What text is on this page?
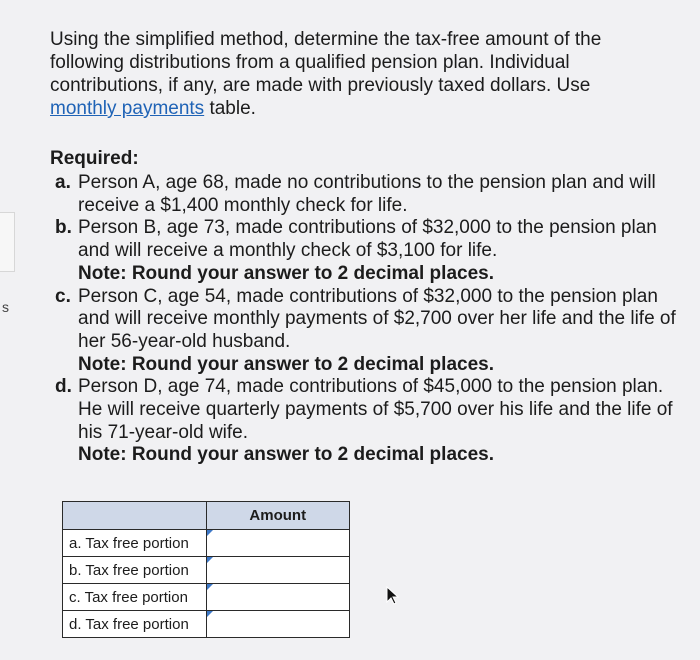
s
Using the simplified method, determine the tax-free amount of the following distributions from a qualified pension plan. Individual contributions, if any, are made with previously taxed dollars. Use monthly payments table.
Required:
a. Person A, age 68, made no contributions to the pension plan and will receive a $1,400 monthly check for life.
b. Person B, age 73, made contributions of $32,000 to the pension plan and will receive a monthly check of $3,100 for life.
Note: Round your answer to 2 decimal places.
c. Person C, age 54, made contributions of $32,000 to the pension plan and will receive monthly payments of $2,700 over her life and the life of her 56-year-old husband.
Note: Round your answer to 2 decimal places.
d. Person D, age 74, made contributions of $45,000 to the pension plan. He will receive quarterly payments of $5,700 over his life and the life of his 71-year-old wife.
Note: Round your answer to 2 decimal places.
	Amount
a. Tax free portion	

b. Tax free portion	

c. Tax free portion	

d. Tax free portion	
